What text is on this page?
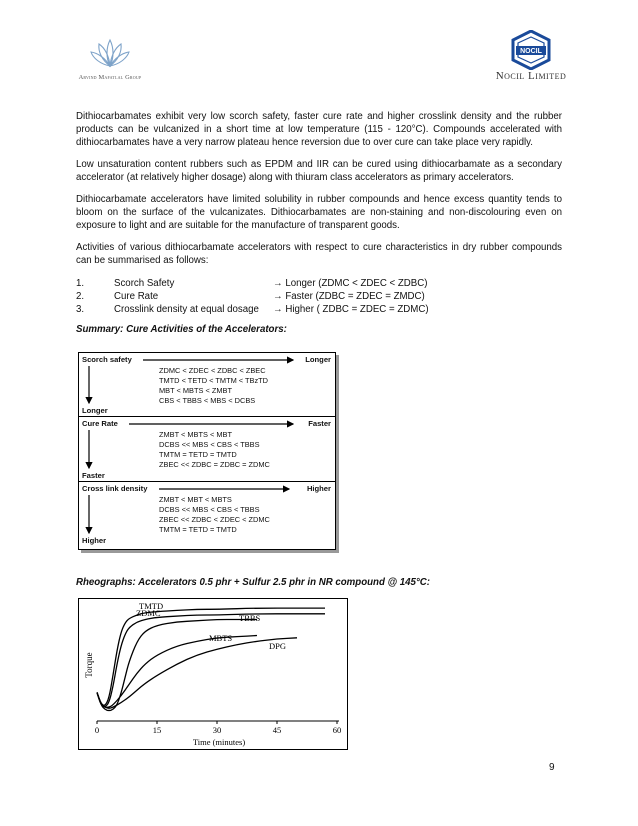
Arvind Mafatlal Group
NOCIL
Nocil Limited
Dithiocarbamates exhibit very low scorch safety, faster cure rate and higher crosslink density and the rubber products can be vulcanized in a short time at low temperature (115 - 120°C). Compounds accelerated with dithiocarbamates have a very narrow plateau hence reversion due to over cure can take place very rapidly.
Low unsaturation content rubbers such as EPDM and IIR can be cured using dithiocarbamate as a secondary accelerator (at relatively higher dosage) along with thiuram class accelerators as primary accelerators.
Dithiocarbamate accelerators have limited solubility in rubber compounds and hence excess quantity tends to bloom on the surface of the vulcanizates. Dithiocarbamates are non-staining and non-discolouring even on exposure to light and are suitable for the manufacture of transparent goods.
Activities of various dithiocarbamate accelerators with respect to cure characteristics in dry rubber compounds can be summarised as follows:
1.	Scorch Safety	→ Longer (ZDMC < ZDEC < ZDBC)
2.	Cure Rate	→ Faster (ZDBC = ZDEC = ZMDC)
3.	Crosslink density at equal dosage → Higher ( ZDBC = ZDEC = ZDMC)
Summary: Cure Activities of the Accelerators:
Scorch safety	Longer
ZDMC < ZDEC < ZDBC < ZBEC
TMTD < TETD < TMTM < TBzTD
MBT < MBTS < ZMBT
CBS < TBBS < MBS < DCBS
Longer
Cure Rate	Faster
ZMBT < MBTS < MBT
DCBS << MBS < CBS < TBBS
TMTM = TETD = TMTD
ZBEC << ZDBC = ZDBC = ZDMC
Faster
Cross link density	Higher
ZMBT < MBT < MBTS
DCBS << MBS < CBS < TBBS
ZBEC << ZDBC < ZDEC < ZDMC
TMTM = TETD = TMTD
Higher
Rheographs: Accelerators 0.5 phr + Sulfur 2.5 phr in NR compound @ 145°C:
TMTD
ZDMC	TBBS
MBTS
DPG
Torque
Time (minutes)
0	15	30	45	60
9
